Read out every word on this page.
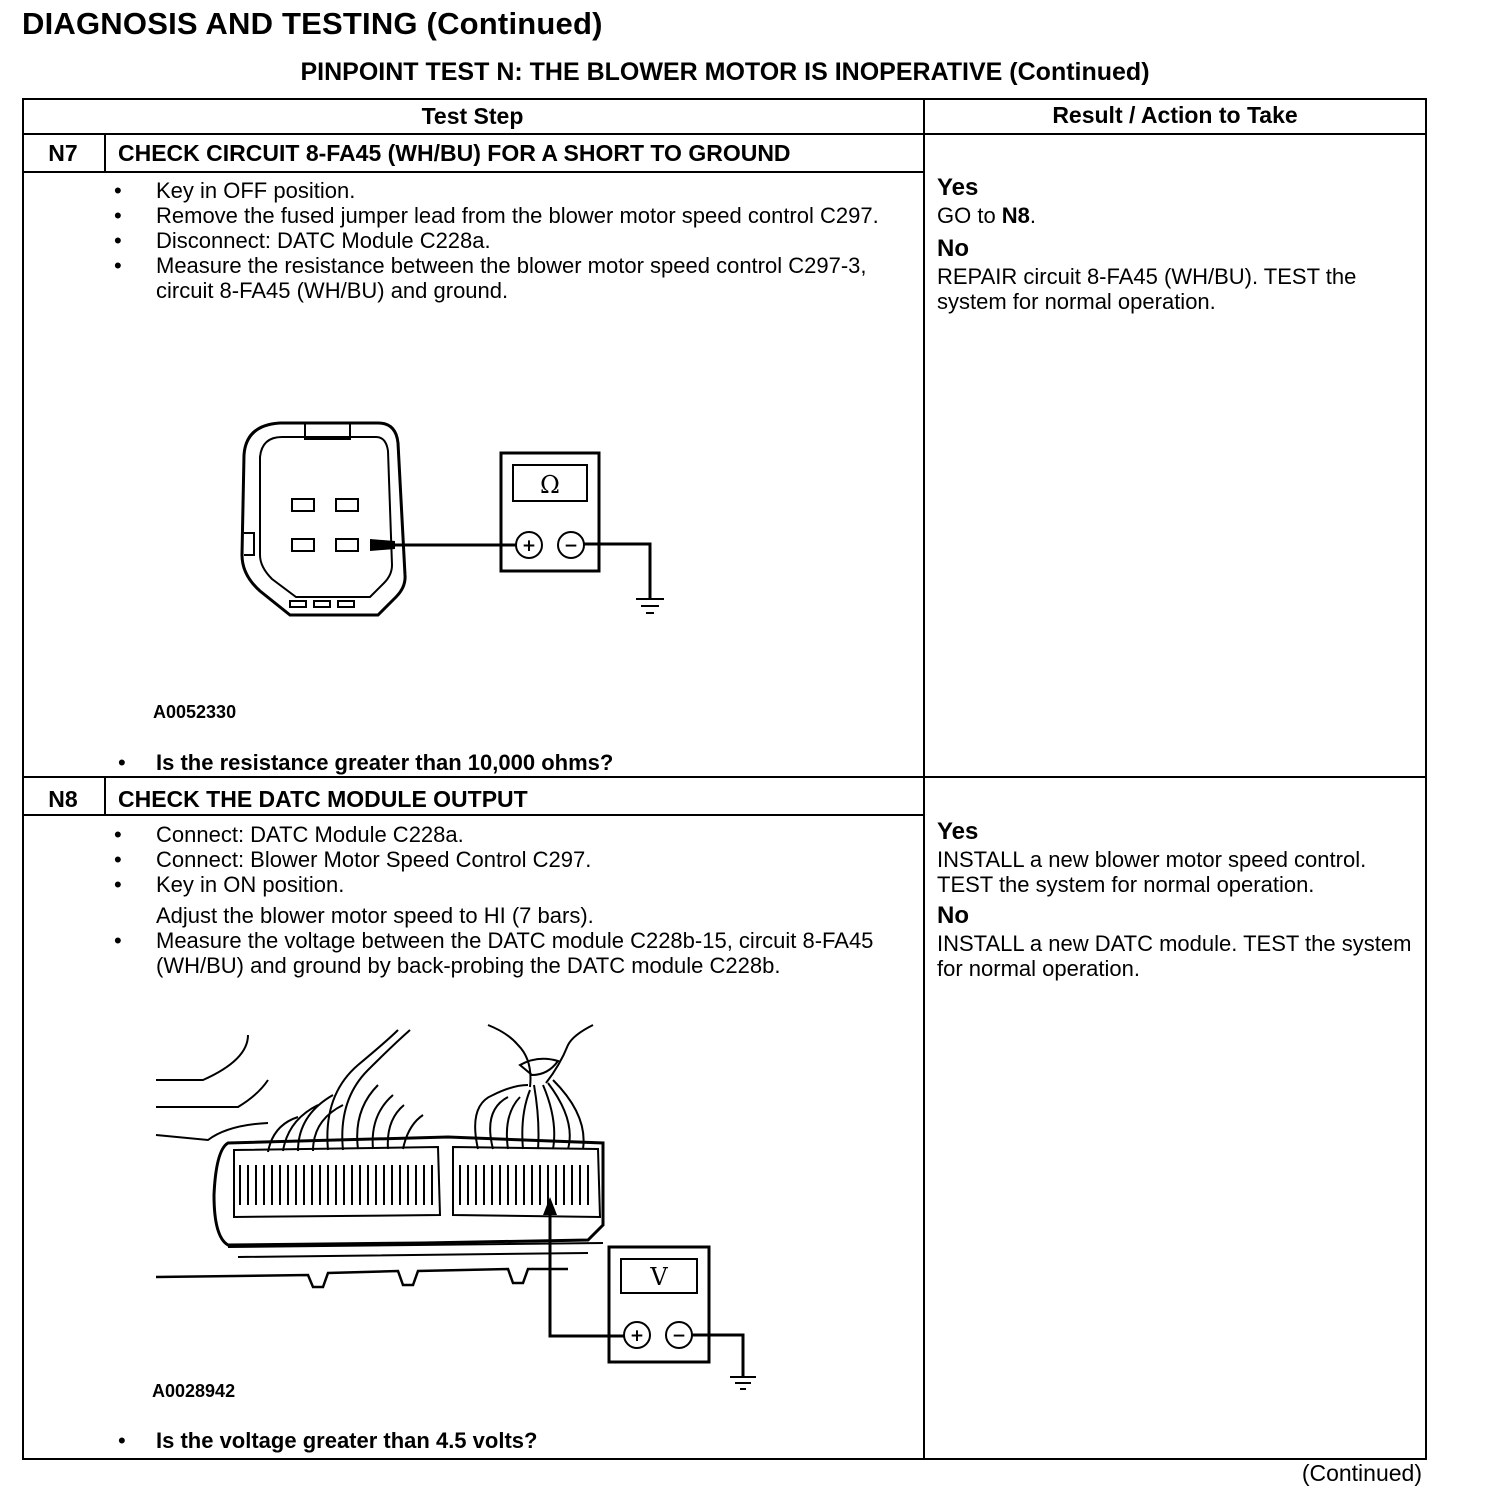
DIAGNOSIS AND TESTING (Continued)
PINPOINT TEST N: THE BLOWER MOTOR IS INOPERATIVE (Continued)
Test Step	Result / Action to Take
N7	CHECK CIRCUIT 8-FA45 (WH/BU) FOR A SHORT TO GROUND
• Key in OFF position.
• Remove the fused jumper lead from the blower motor speed control C297.
• Disconnect: DATC Module C228a.
• Measure the resistance between the blower motor speed control C297-3, circuit 8-FA45 (WH/BU) and ground.
Ω
+ −
A0052330
• Is the resistance greater than 10,000 ohms?
Yes
GO to N8.
No
REPAIR circuit 8-FA45 (WH/BU). TEST the system for normal operation.
N8	CHECK THE DATC MODULE OUTPUT
• Connect: DATC Module C228a.
• Connect: Blower Motor Speed Control C297.
• Key in ON position.
Adjust the blower motor speed to HI (7 bars).
• Measure the voltage between the DATC module C228b-15, circuit 8-FA45 (WH/BU) and ground by back-probing the DATC module C228b.
V
+ −
A0028942
• Is the voltage greater than 4.5 volts?
Yes
INSTALL a new blower motor speed control. TEST the system for normal operation.
No
INSTALL a new DATC module. TEST the system for normal operation.
(Continued)
